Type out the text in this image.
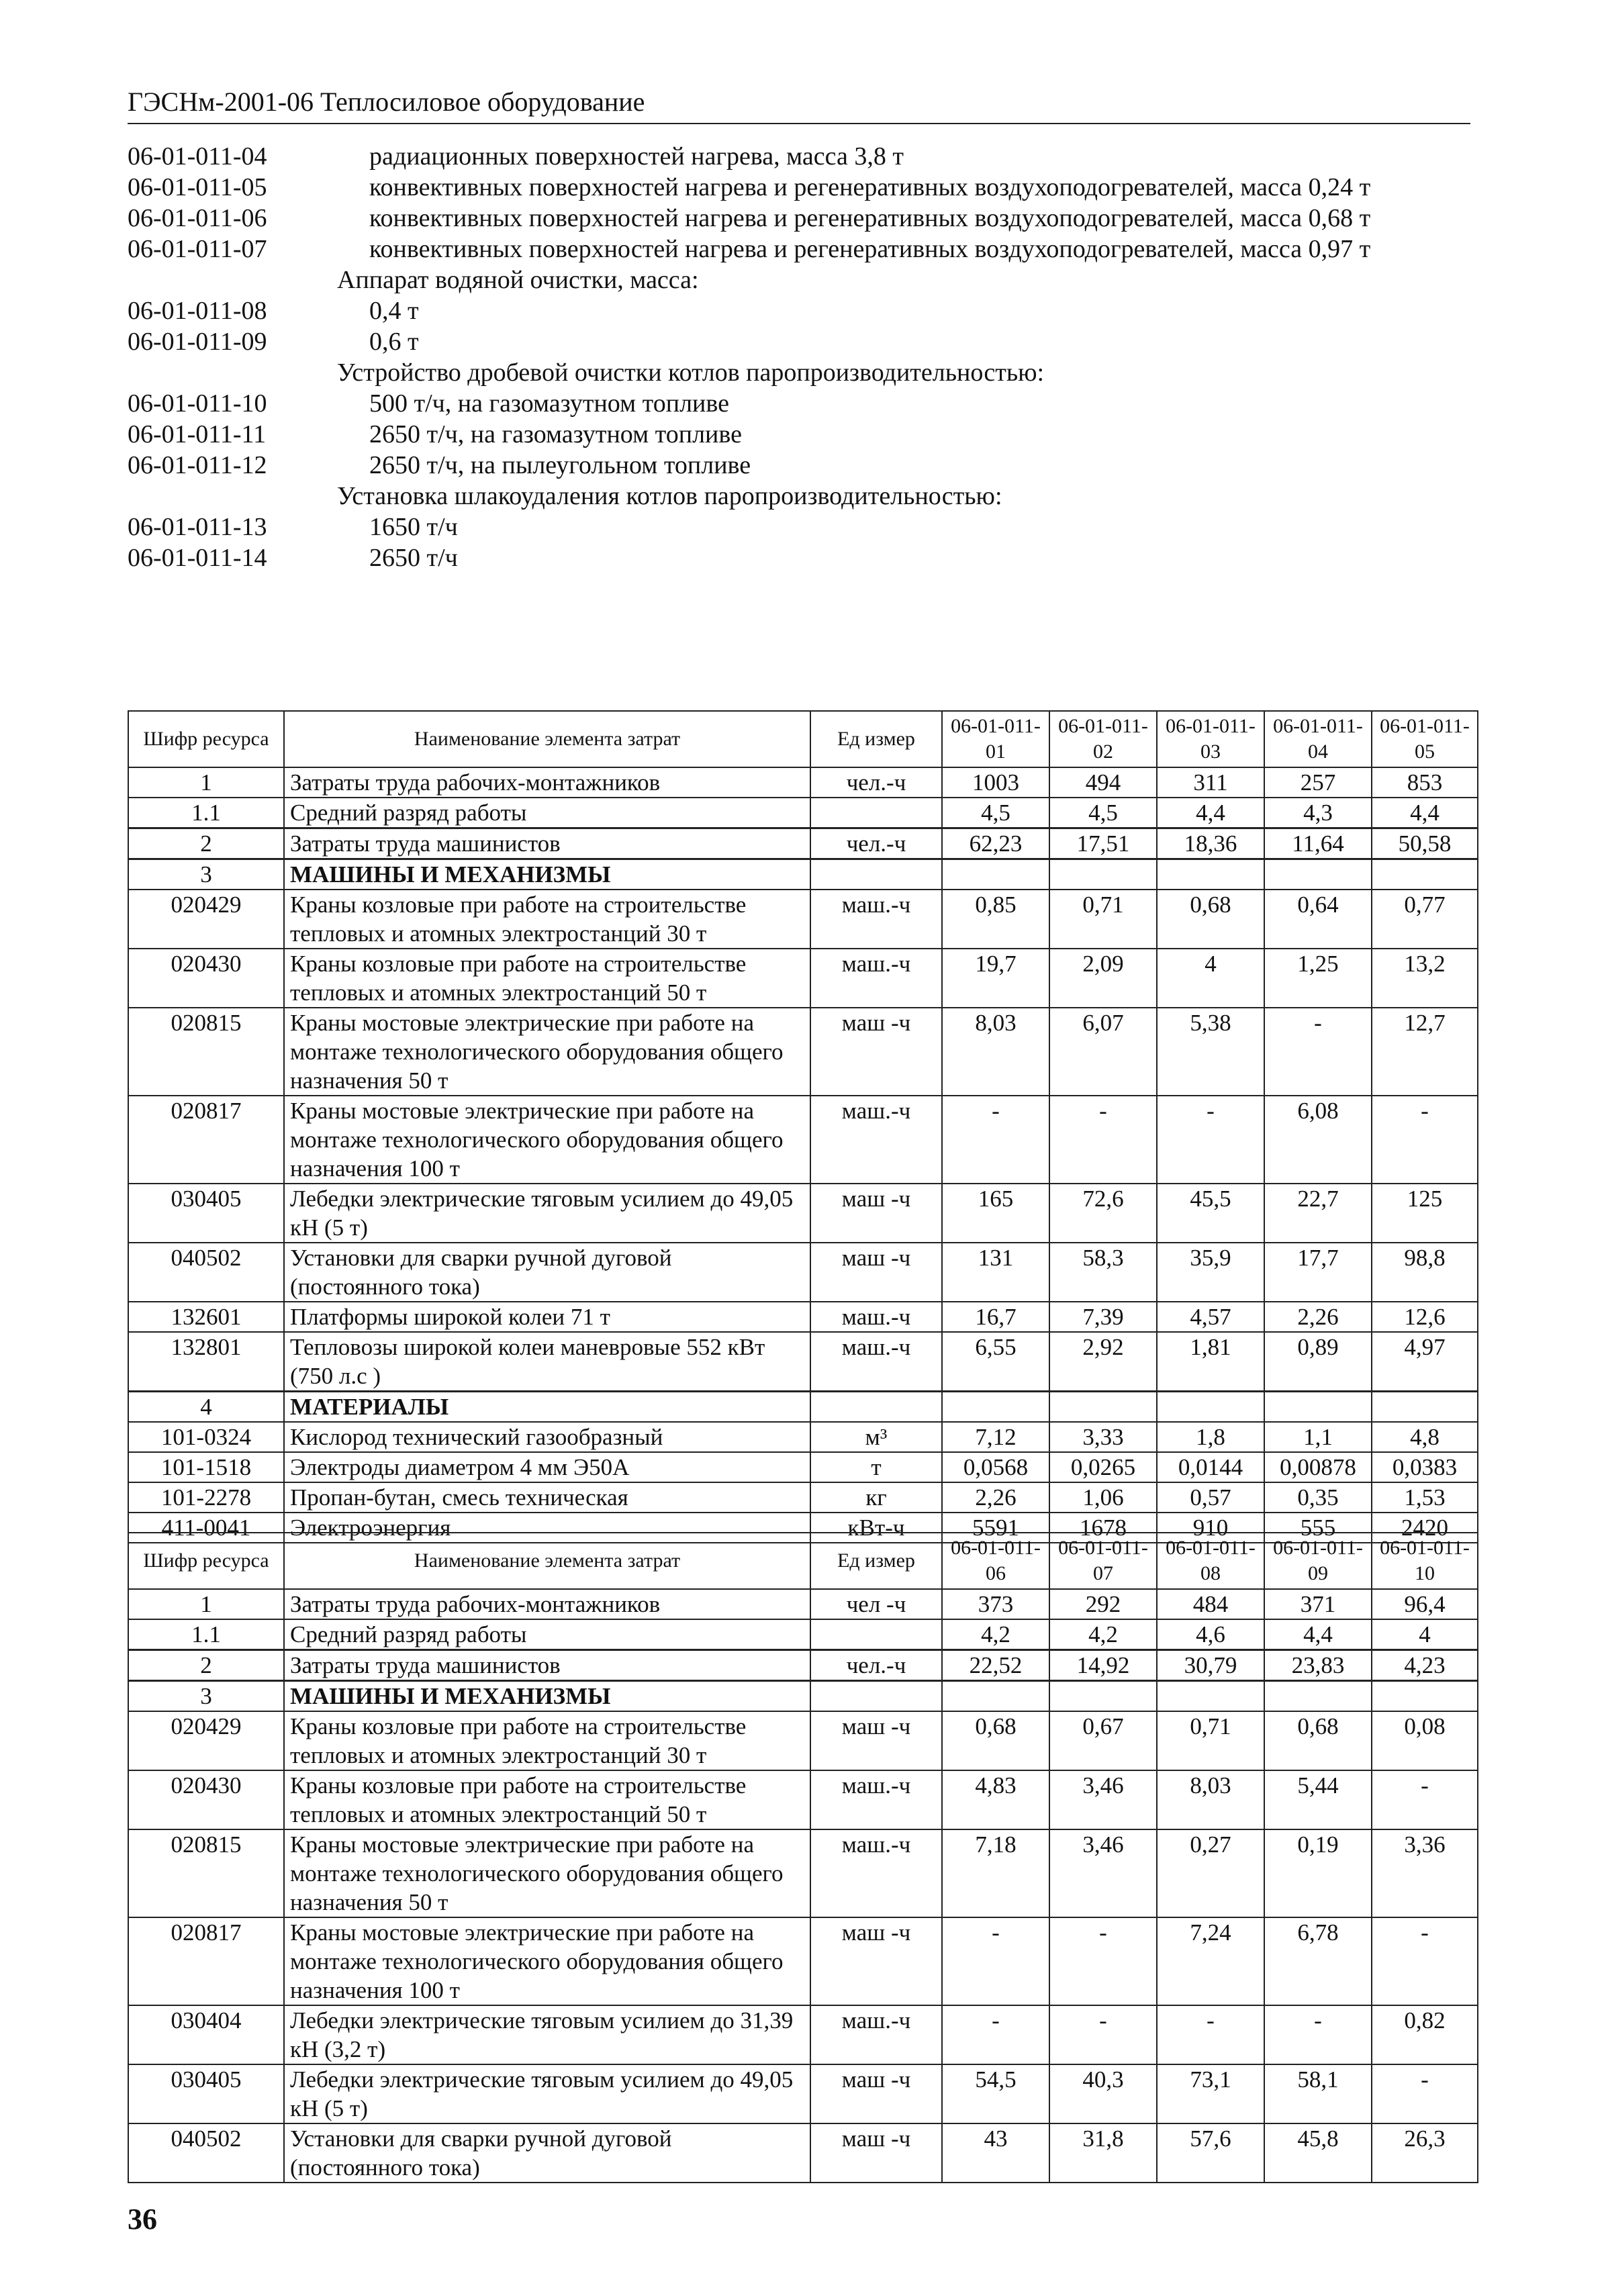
ГЭСНм-2001-06 Теплосиловое оборудование
06-01-011-04	радиационных поверхностей нагрева, масса 3,8 т
06-01-011-05	конвективных поверхностей нагрева и регенеративных воздухоподогревателей, масса 0,24 т
06-01-011-06	конвективных поверхностей нагрева и регенеративных воздухоподогревателей, масса 0,68 т
06-01-011-07	конвективных поверхностей нагрева и регенеративных воздухоподогревателей, масса 0,97 т
Аппарат водяной очистки, масса:
06-01-011-08	0,4 т
06-01-011-09	0,6 т
Устройство дробевой очистки котлов паропроизводительностью:
06-01-011-10	500 т/ч, на газомазутном топливе
06-01-011-11	2650 т/ч, на газомазутном топливе
06-01-011-12	2650 т/ч, на пылеугольном топливе
Установка шлакоудаления котлов паропроизводительностью:
06-01-011-13	1650 т/ч
06-01-011-14	2650 т/ч
Шифр ресурса	Наименование элемента затрат	Ед измер	06-01-011-01	06-01-011-02	06-01-011-03	06-01-011-04	06-01-011-05
1	Затраты труда рабочих-монтажников	чел.-ч	1003	494	311	257	853
1.1	Средний разряд работы		4,5	4,5	4,4	4,3	4,4
2	Затраты труда машинистов	чел.-ч	62,23	17,51	18,36	11,64	50,58
3	МАШИНЫ И МЕХАНИЗМЫ						
020429	Краны козловые при работе на строительстве тепловых и атомных электростанций 30 т	маш.-ч	0,85	0,71	0,68	0,64	0,77
020430	Краны козловые при работе на строительстве тепловых и атомных электростанций 50 т	маш.-ч	19,7	2,09	4	1,25	13,2
020815	Краны мостовые электрические при работе на монтаже технологического оборудования общего назначения 50 т	маш -ч	8,03	6,07	5,38	-	12,7
020817	Краны мостовые электрические при работе на монтаже технологического оборудования общего назначения 100 т	маш.-ч	-	-	-	6,08	-
030405	Лебедки электрические тяговым усилием до 49,05 кН (5 т)	маш -ч	165	72,6	45,5	22,7	125
040502	Установки для сварки ручной дуговой (постоянного тока)	маш -ч	131	58,3	35,9	17,7	98,8
132601	Платформы широкой колеи 71 т	маш.-ч	16,7	7,39	4,57	2,26	12,6
132801	Тепловозы широкой колеи маневровые 552 кВт (750 л.с )	маш.-ч	6,55	2,92	1,81	0,89	4,97
4	МАТЕРИАЛЫ						
101-0324	Кислород технический газообразный	м³	7,12	3,33	1,8	1,1	4,8
101-1518	Электроды диаметром 4 мм Э50А	т	0,0568	0,0265	0,0144	0,00878	0,0383
101-2278	Пропан-бутан, смесь техническая	кг	2,26	1,06	0,57	0,35	1,53
411-0041	Электроэнергия	кВт-ч	5591	1678	910	555	2420
Шифр ресурса	Наименование элемента затрат	Ед измер	06-01-011-06	06-01-011-07	06-01-011-08	06-01-011-09	06-01-011-10
1	Затраты труда рабочих-монтажников	чел -ч	373	292	484	371	96,4
1.1	Средний разряд работы		4,2	4,2	4,6	4,4	4
2	Затраты труда машинистов	чел.-ч	22,52	14,92	30,79	23,83	4,23
3	МАШИНЫ И МЕХАНИЗМЫ						
020429	Краны козловые при работе на строительстве тепловых и атомных электростанций 30 т	маш -ч	0,68	0,67	0,71	0,68	0,08
020430	Краны козловые при работе на строительстве тепловых и атомных электростанций 50 т	маш.-ч	4,83	3,46	8,03	5,44	-
020815	Краны мостовые электрические при работе на монтаже технологического оборудования общего назначения 50 т	маш.-ч	7,18	3,46	0,27	0,19	3,36
020817	Краны мостовые электрические при работе на монтаже технологического оборудования общего назначения 100 т	маш -ч	-	-	7,24	6,78	-
030404	Лебедки электрические тяговым усилием до 31,39 кН (3,2 т)	маш.-ч	-	-	-	-	0,82
030405	Лебедки электрические тяговым усилием до 49,05 кН (5 т)	маш -ч	54,5	40,3	73,1	58,1	-
040502	Установки для сварки ручной дуговой (постоянного тока)	маш -ч	43	31,8	57,6	45,8	26,3
36
